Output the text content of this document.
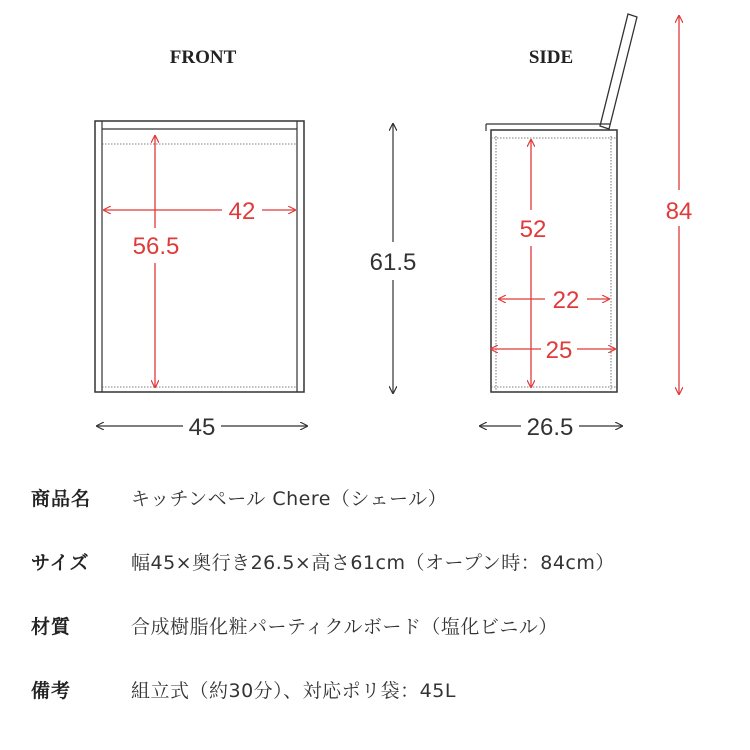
FRONT	SIDE
42
56.5
45
61.5
52
22
25
26.5
84
商品名	キッチンペール Chere（シェール）
サイズ	幅45×奥行き26.5×高さ61cm（オープン時：84cm）
材質	合成樹脂化粧パーティクルボード（塩化ビニル）
備考	組立式（約30分）、対応ポリ袋：45L
